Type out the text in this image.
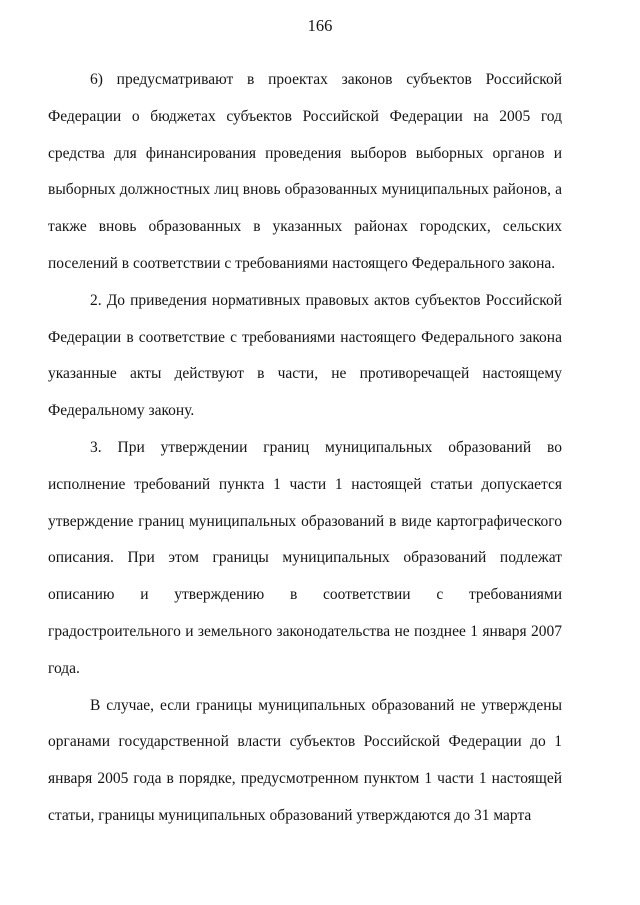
166

6) предусматривают в проектах законов субъектов Российской Федерации о бюджетах субъектов Российской Федерации на 2005 год средства для финансирования проведения выборов выборных органов и выборных должностных лиц вновь образованных муниципальных районов, а также вновь образованных в указанных районах городских, сельских поселений в соответствии с требованиями настоящего Федерального закона.

2. До приведения нормативных правовых актов субъектов Российской Федерации в соответствие с требованиями настоящего Федерального закона указанные акты действуют в части, не противоречащей настоящему Федеральному закону.

3. При утверждении границ муниципальных образований во исполнение требований пункта 1 части 1 настоящей статьи допускается утверждение границ муниципальных образований в виде картографического описания. При этом границы муниципальных образований подлежат описанию и утверждению в соответствии с требованиями градостроительного и земельного законодательства не позднее 1 января 2007 года.

В случае, если границы муниципальных образований не утверждены органами государственной власти субъектов Российской Федерации до 1 января 2005 года в порядке, предусмотренном пунктом 1 части 1 настоящей статьи, границы муниципальных образований утверждаются до 31 марта
